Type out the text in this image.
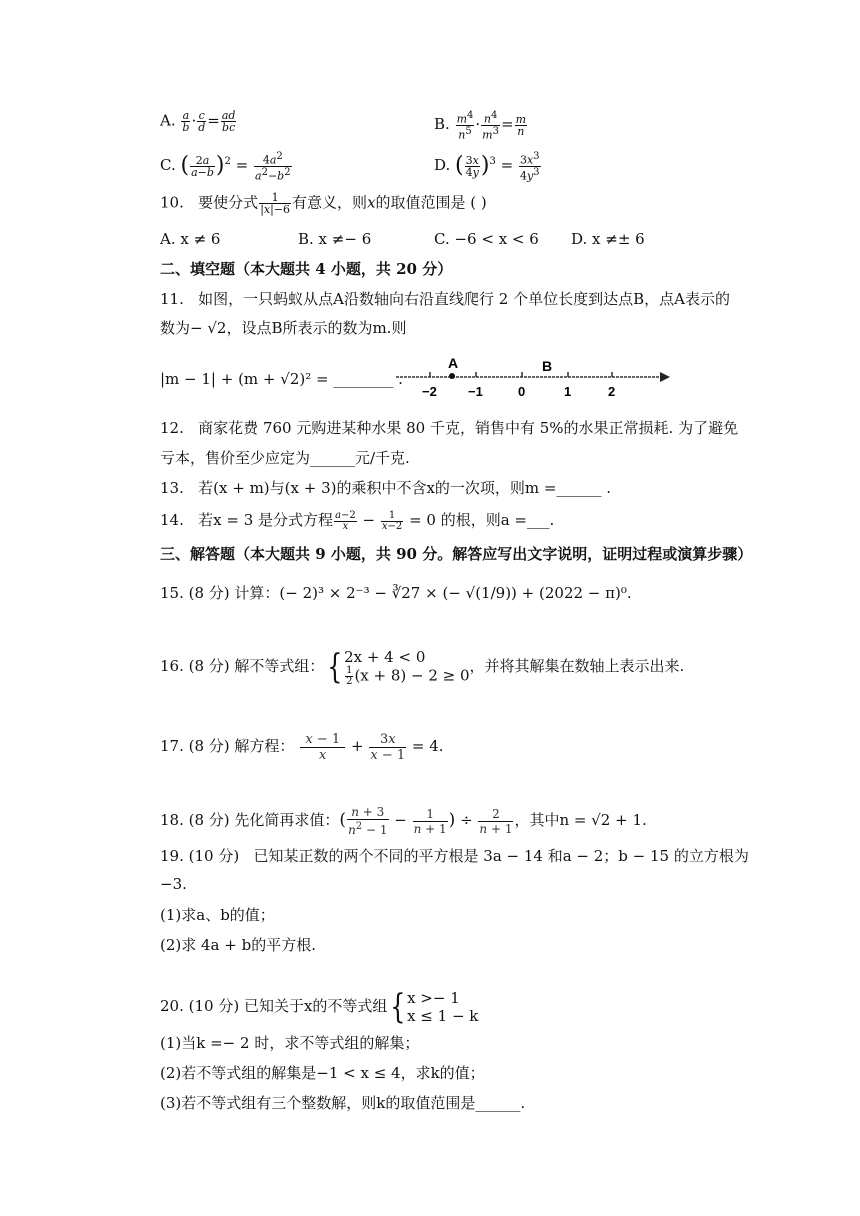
A. $\frac{a}{b} \cdot \frac{c}{d} = \frac{ad}{bc}$	B. $\frac{m^4}{n^5} \cdot \frac{n^4}{m^3} = \frac{m}{n}$
C. ( $\frac{2a}{a-b} )^2 = \frac{4a^2}{a^2-b^2}$	D. ( $\frac{3x}{4y} )^3 = \frac{3x^3}{4y^3}$
10. 要使分式 $\frac{1}{|x|-6}$ 有意义，则x的取值范围是 ( )
A. x ≠ 6	B. x ≠− 6	C. −6 < x < 6 D. x ≠± 6
二、填空题（本大题共 4 小题，共 20 分）
11. 如图，一只蚂蚁从点A沿数轴向右沿直线爬行 2 个单位长度到达点B，点A表示的
数为− √2，设点B所表示的数为m.则
|m − 1| + (m + √2)² = ________ .
A	B
−2 −1	0	1	2
12. 商家花费 760 元购进某种水果 80 千克，销售中有 5%的水果正常损耗. 为了避免
亏本，售价至少应定为______元/千克.
13. 若(x + m)与(x + 3)的乘积中不含x的一次项，则m =______ .
14. 若x = 3 是分式方程 $\frac{a-2}{x} - \frac{1}{x-2} = 0$ 的根，则a =___.
三、解答题（本大题共 9 小题，共 90 分。解答应写出文字说明，证明过程或演算步骤）
15. (8 分) 计算：(− 2)³ × 2⁻³ − ∛27 × (− √(1/9)) + (2022 − π)⁰.
16. (8 分) 解不等式组：{ 2x + 4 < 0
$\frac{1}{2} (x + 8) - 2 \ge 0$ ，并将其解集在数轴上表示出来.
17. (8 分) 解方程： $\frac{x - 1}{x} + \frac{3x}{x - 1} = 4$.
18. (8 分) 先化简再求值：( $\frac{n + 3}{n^2 - 1} - \frac{1}{n + 1}$ ) ÷ $\frac{2}{n + 1}$ ，其中n = √2 + 1.
19. (10 分) 已知某正数的两个不同的平方根是 3a − 14 和a − 2；b − 15 的立方根为
−3.
(1)求a、b的值；
(2)求 4a + b的平方根.
20. (10 分) 已知关于x的不等式组{ x >− 1
x ≤ 1 − k
(1)当k =− 2 时，求不等式组的解集；
(2)若不等式组的解集是−1 < x ≤ 4，求k的值；
(3)若不等式组有三个整数解，则k的取值范围是______.
